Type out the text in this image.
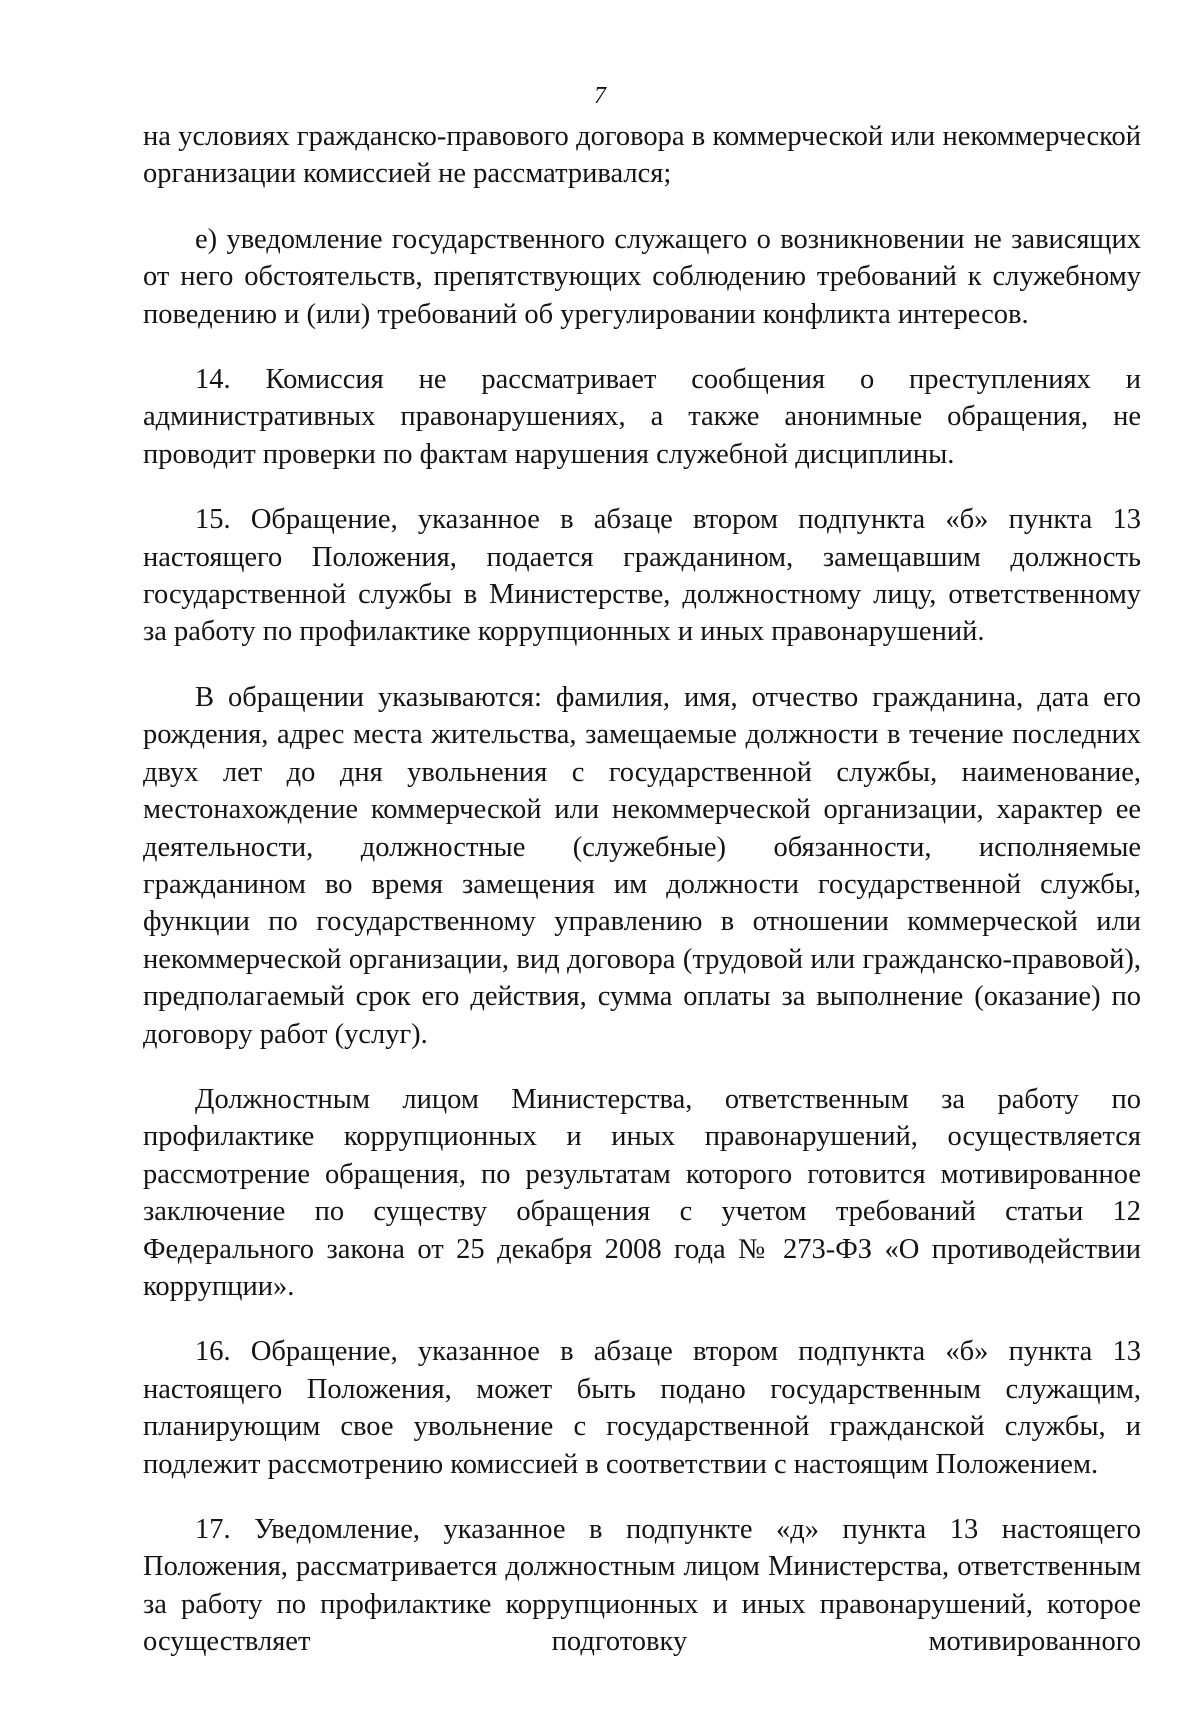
7

на условиях гражданско-правового договора в коммерческой или некоммерческой организации комиссией не рассматривался;

е) уведомление государственного служащего о возникновении не зависящих от него обстоятельств, препятствующих соблюдению требований к служебному поведению и (или) требований об урегулировании конфликта интересов.

14. Комиссия не рассматривает сообщения о преступлениях и административных правонарушениях, а также анонимные обращения, не проводит проверки по фактам нарушения служебной дисциплины.

15. Обращение, указанное в абзаце втором подпункта «б» пункта 13 настоящего Положения, подается гражданином, замещавшим должность государственной службы в Министерстве, должностному лицу, ответственному за работу по профилактике коррупционных и иных правонарушений.

В обращении указываются: фамилия, имя, отчество гражданина, дата его рождения, адрес места жительства, замещаемые должности в течение последних двух лет до дня увольнения с государственной службы, наименование, местонахождение коммерческой или некоммерческой организации, характер ее деятельности, должностные (служебные) обязанности, исполняемые гражданином во время замещения им должности государственной службы, функции по государственному управлению в отношении коммерческой или некоммерческой организации, вид договора (трудовой или гражданско-правовой), предполагаемый срок его действия, сумма оплаты за выполнение (оказание) по договору работ (услуг).

Должностным лицом Министерства, ответственным за работу по профилактике коррупционных и иных правонарушений, осуществляется рассмотрение обращения, по результатам которого готовится мотивированное заключение по существу обращения с учетом требований статьи 12 Федерального закона от 25 декабря 2008 года № 273-ФЗ «О противодействии коррупции».

16. Обращение, указанное в абзаце втором подпункта «б» пункта 13 настоящего Положения, может быть подано государственным служащим, планирующим свое увольнение с государственной гражданской службы, и подлежит рассмотрению комиссией в соответствии с настоящим Положением.

17. Уведомление, указанное в подпункте «д» пункта 13 настоящего Положения, рассматривается должностным лицом Министерства, ответственным за работу по профилактике коррупционных и иных правонарушений, которое осуществляет подготовку мотивированного
